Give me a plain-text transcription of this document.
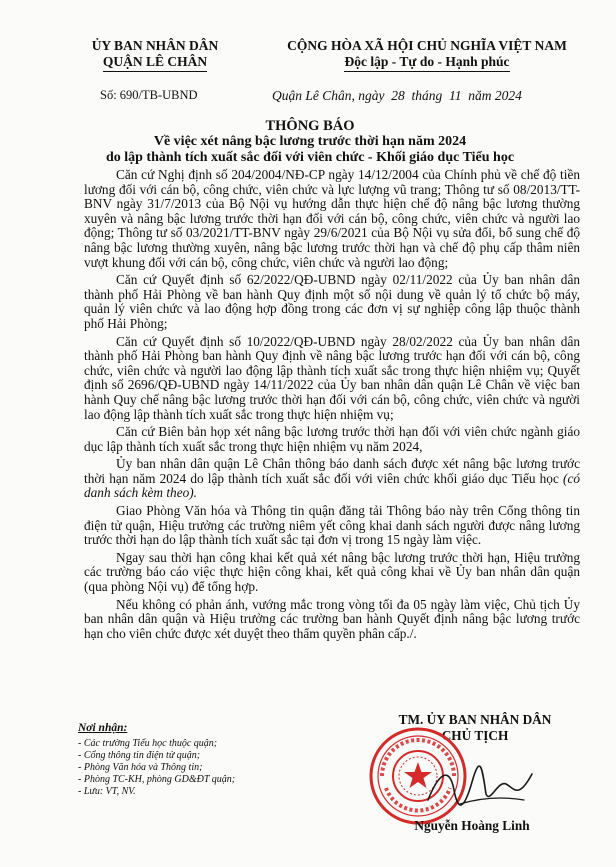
ỦY BAN NHÂN DÂN
QUẬN LÊ CHÂN
CỘNG HÒA XÃ HỘI CHỦ NGHĨA VIỆT NAM
Độc lập - Tự do - Hạnh phúc
Số: 690/TB-UBND	Quận Lê Chân, ngày  28  tháng  11  năm 2024
THÔNG BÁO
Về việc xét nâng bậc lương trước thời hạn năm 2024
do lập thành tích xuất sắc đối với viên chức - Khối giáo dục Tiểu học

Căn cứ Nghị định số 204/2004/NĐ-CP ngày 14/12/2004 của Chính phủ về chế độ tiền lương đối với cán bộ, công chức, viên chức và lực lượng vũ trang; Thông tư số 08/2013/TT-BNV ngày 31/7/2013 của Bộ Nội vụ hướng dẫn thực hiện chế độ nâng bậc lương thường xuyên và nâng bậc lương trước thời hạn đối với cán bộ, công chức, viên chức và người lao động; Thông tư số 03/2021/TT-BNV ngày 29/6/2021 của Bộ Nội vụ sửa đổi, bổ sung chế độ nâng bậc lương thường xuyên, nâng bậc lương trước thời hạn và chế độ phụ cấp thâm niên vượt khung đối với cán bộ, công chức, viên chức và người lao động;

Căn cứ Quyết định số 62/2022/QĐ-UBND ngày 02/11/2022 của Ủy ban nhân dân thành phố Hải Phòng về ban hành Quy định một số nội dung về quản lý tổ chức bộ máy, quản lý viên chức và lao động hợp đồng trong các đơn vị sự nghiệp công lập thuộc thành phố Hải Phòng;

Căn cứ Quyết định số 10/2022/QĐ-UBND ngày 28/02/2022 của Ủy ban nhân dân thành phố Hải Phòng ban hành Quy định về nâng bậc lương trước hạn đối với cán bộ, công chức, viên chức và người lao động lập thành tích xuất sắc trong thực hiện nhiệm vụ; Quyết định số 2696/QĐ-UBND ngày 14/11/2022 của Ủy ban nhân dân quận Lê Chân về việc ban hành Quy chế nâng bậc lương trước thời hạn đối với cán bộ, công chức, viên chức và người lao động lập thành tích xuất sắc trong thực hiện nhiệm vụ;

Căn cứ Biên bản họp xét nâng bậc lương trước thời hạn đối với viên chức ngành giáo dục lập thành tích xuất sắc trong thực hiện nhiệm vụ năm 2024,

Ủy ban nhân dân quận Lê Chân thông báo danh sách được xét nâng bậc lương trước thời hạn năm 2024 do lập thành tích xuất sắc đối với viên chức khối giáo dục Tiểu học (có danh sách kèm theo).

Giao Phòng Văn hóa và Thông tin quận đăng tải Thông báo này trên Cổng thông tin điện tử quận, Hiệu trưởng các trường niêm yết công khai danh sách người được nâng lương trước thời hạn do lập thành tích xuất sắc tại đơn vị trong 15 ngày làm việc.

Ngay sau thời hạn công khai kết quả xét nâng bậc lương trước thời hạn, Hiệu trưởng các trường báo cáo việc thực hiện công khai, kết quả công khai về Ủy ban nhân dân quận (qua phòng Nội vụ) để tổng hợp.

Nếu không có phản ánh, vướng mắc trong vòng tối đa 05 ngày làm việc, Chủ tịch Ủy ban nhân dân quận và Hiệu trưởng các trường ban hành Quyết định nâng bậc lương trước hạn cho viên chức được xét duyệt theo thẩm quyền phân cấp./.

Nơi nhận:
- Các trường Tiểu học thuộc quận;
- Cổng thông tin điện tử quận;
- Phòng Văn hóa và Thông tin;
- Phòng TC-KH, phòng GD&ĐT quận;
- Lưu: VT, NV.
TM. ỦY BAN NHÂN DÂN
CHỦ TỊCH
Nguyễn Hoàng Linh
